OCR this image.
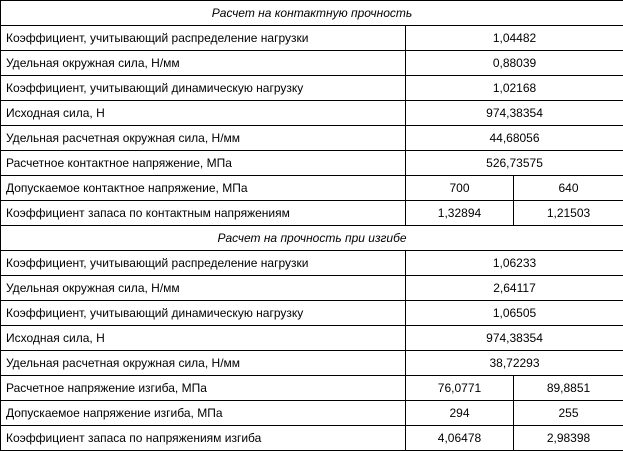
Расчет на контактную прочность		
Коэффициент, учитывающий распределение нагрузки	1,04482	
Удельная окружная сила, Н/мм	0,88039	
Коэффициент, учитывающий динамическую нагрузку	1,02168	
Исходная сила, Н	974,38354	
Удельная расчетная окружная сила, Н/мм	44,68056	
Расчетное контактное напряжение, МПа	526,73575	
Допускаемое контактное напряжение, МПа	700	640
Коэффициент запаса по контактным напряжениям	1,32894	1,21503
Расчет на прочность при изгибе		
Коэффициент, учитывающий распределение нагрузки	1,06233	
Удельная окружная сила, Н/мм	2,64117	
Коэффициент, учитывающий динамическую нагрузку	1,06505	
Исходная сила, Н	974,38354	
Удельная расчетная окружная сила, Н/мм	38,72293	
Расчетное напряжение изгиба, МПа	76,0771	89,8851
Допускаемое напряжение изгиба, МПа	294	255
Коэффициент запаса по напряжениям изгиба	4,06478	2,98398
